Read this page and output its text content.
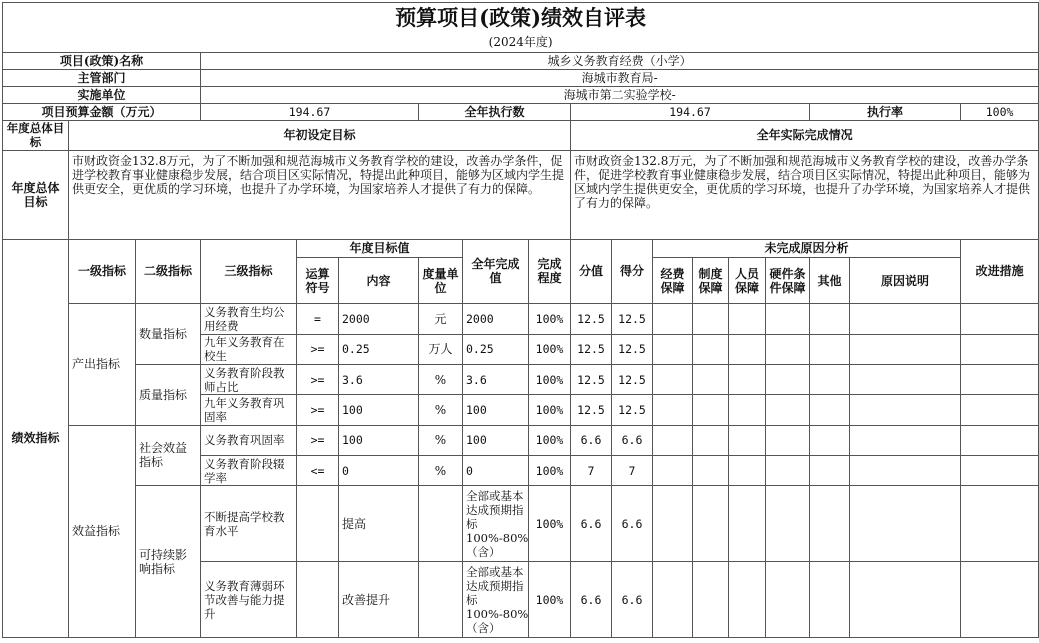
预算项目(政策)绩效自评表																	
(2024年度)																	
项目(政策)名称			城乡义务教育经费（小学）														
主管部门			海城市教育局-														
实施单位			海城市第二实验学校-														
项目预算金额（万元）			194.67			全年执行数			194.67						执行率		100%
年度总体目标	年初设定目标								全年实际完成情况								
年度总体目标	市财政资金132.8万元，为了不断加强和规范海城市义务教育学校的建设，改善办学条件，促进学校教育事业健康稳步发展，结合项目区实际情况，特提出此种项目，能够为区域内学生提供更安全，更优质的学习环境，也提升了办学环境，为国家培养人才提供了有力的保障。								市财政资金132.8万元，为了不断加强和规范海城市义务教育学校的建设，改善办学条件，促进学校教育事业健康稳步发展，结合项目区实际情况，特提出此种项目，能够为区域内学生提供更安全，更优质的学习环境，也提升了办学环境，为国家培养人才提供了有力的保障。								
绩效指标	一级指标	二级指标	三级指标	年度目标值			全年完成值	完成程度	分值	得分	未完成原因分析						改进措施
				运算符号	内容	度量单位					经费保障	制度保障	人员保障	硬件条件保障	其他	原因说明	
	产出指标	数量指标	义务教育生均公用经费	=	2000	元	2000	100%	12.5	12.5							
			九年义务教育在校生	>=	0.25	万人	0.25	100%	12.5	12.5							
		质量指标	义务教育阶段教师占比	>=	3.6	%	3.6	100%	12.5	12.5							
			九年义务教育巩固率	>=	100	%	100	100%	12.5	12.5							
	效益指标	社会效益指标	义务教育巩固率	>=	100	%	100	100%	6.6	6.6							
			义务教育阶段辍学率	<=	0	%	0	100%	7	7							
		可持续影响指标	不断提高学校教育水平		提高		全部或基本达成预期指标100%-80%（含）	100%	6.6	6.6							
			义务教育薄弱环节改善与能力提升		改善提升		全部或基本达成预期指标100%-80%（含）	100%	6.6	6.6							
